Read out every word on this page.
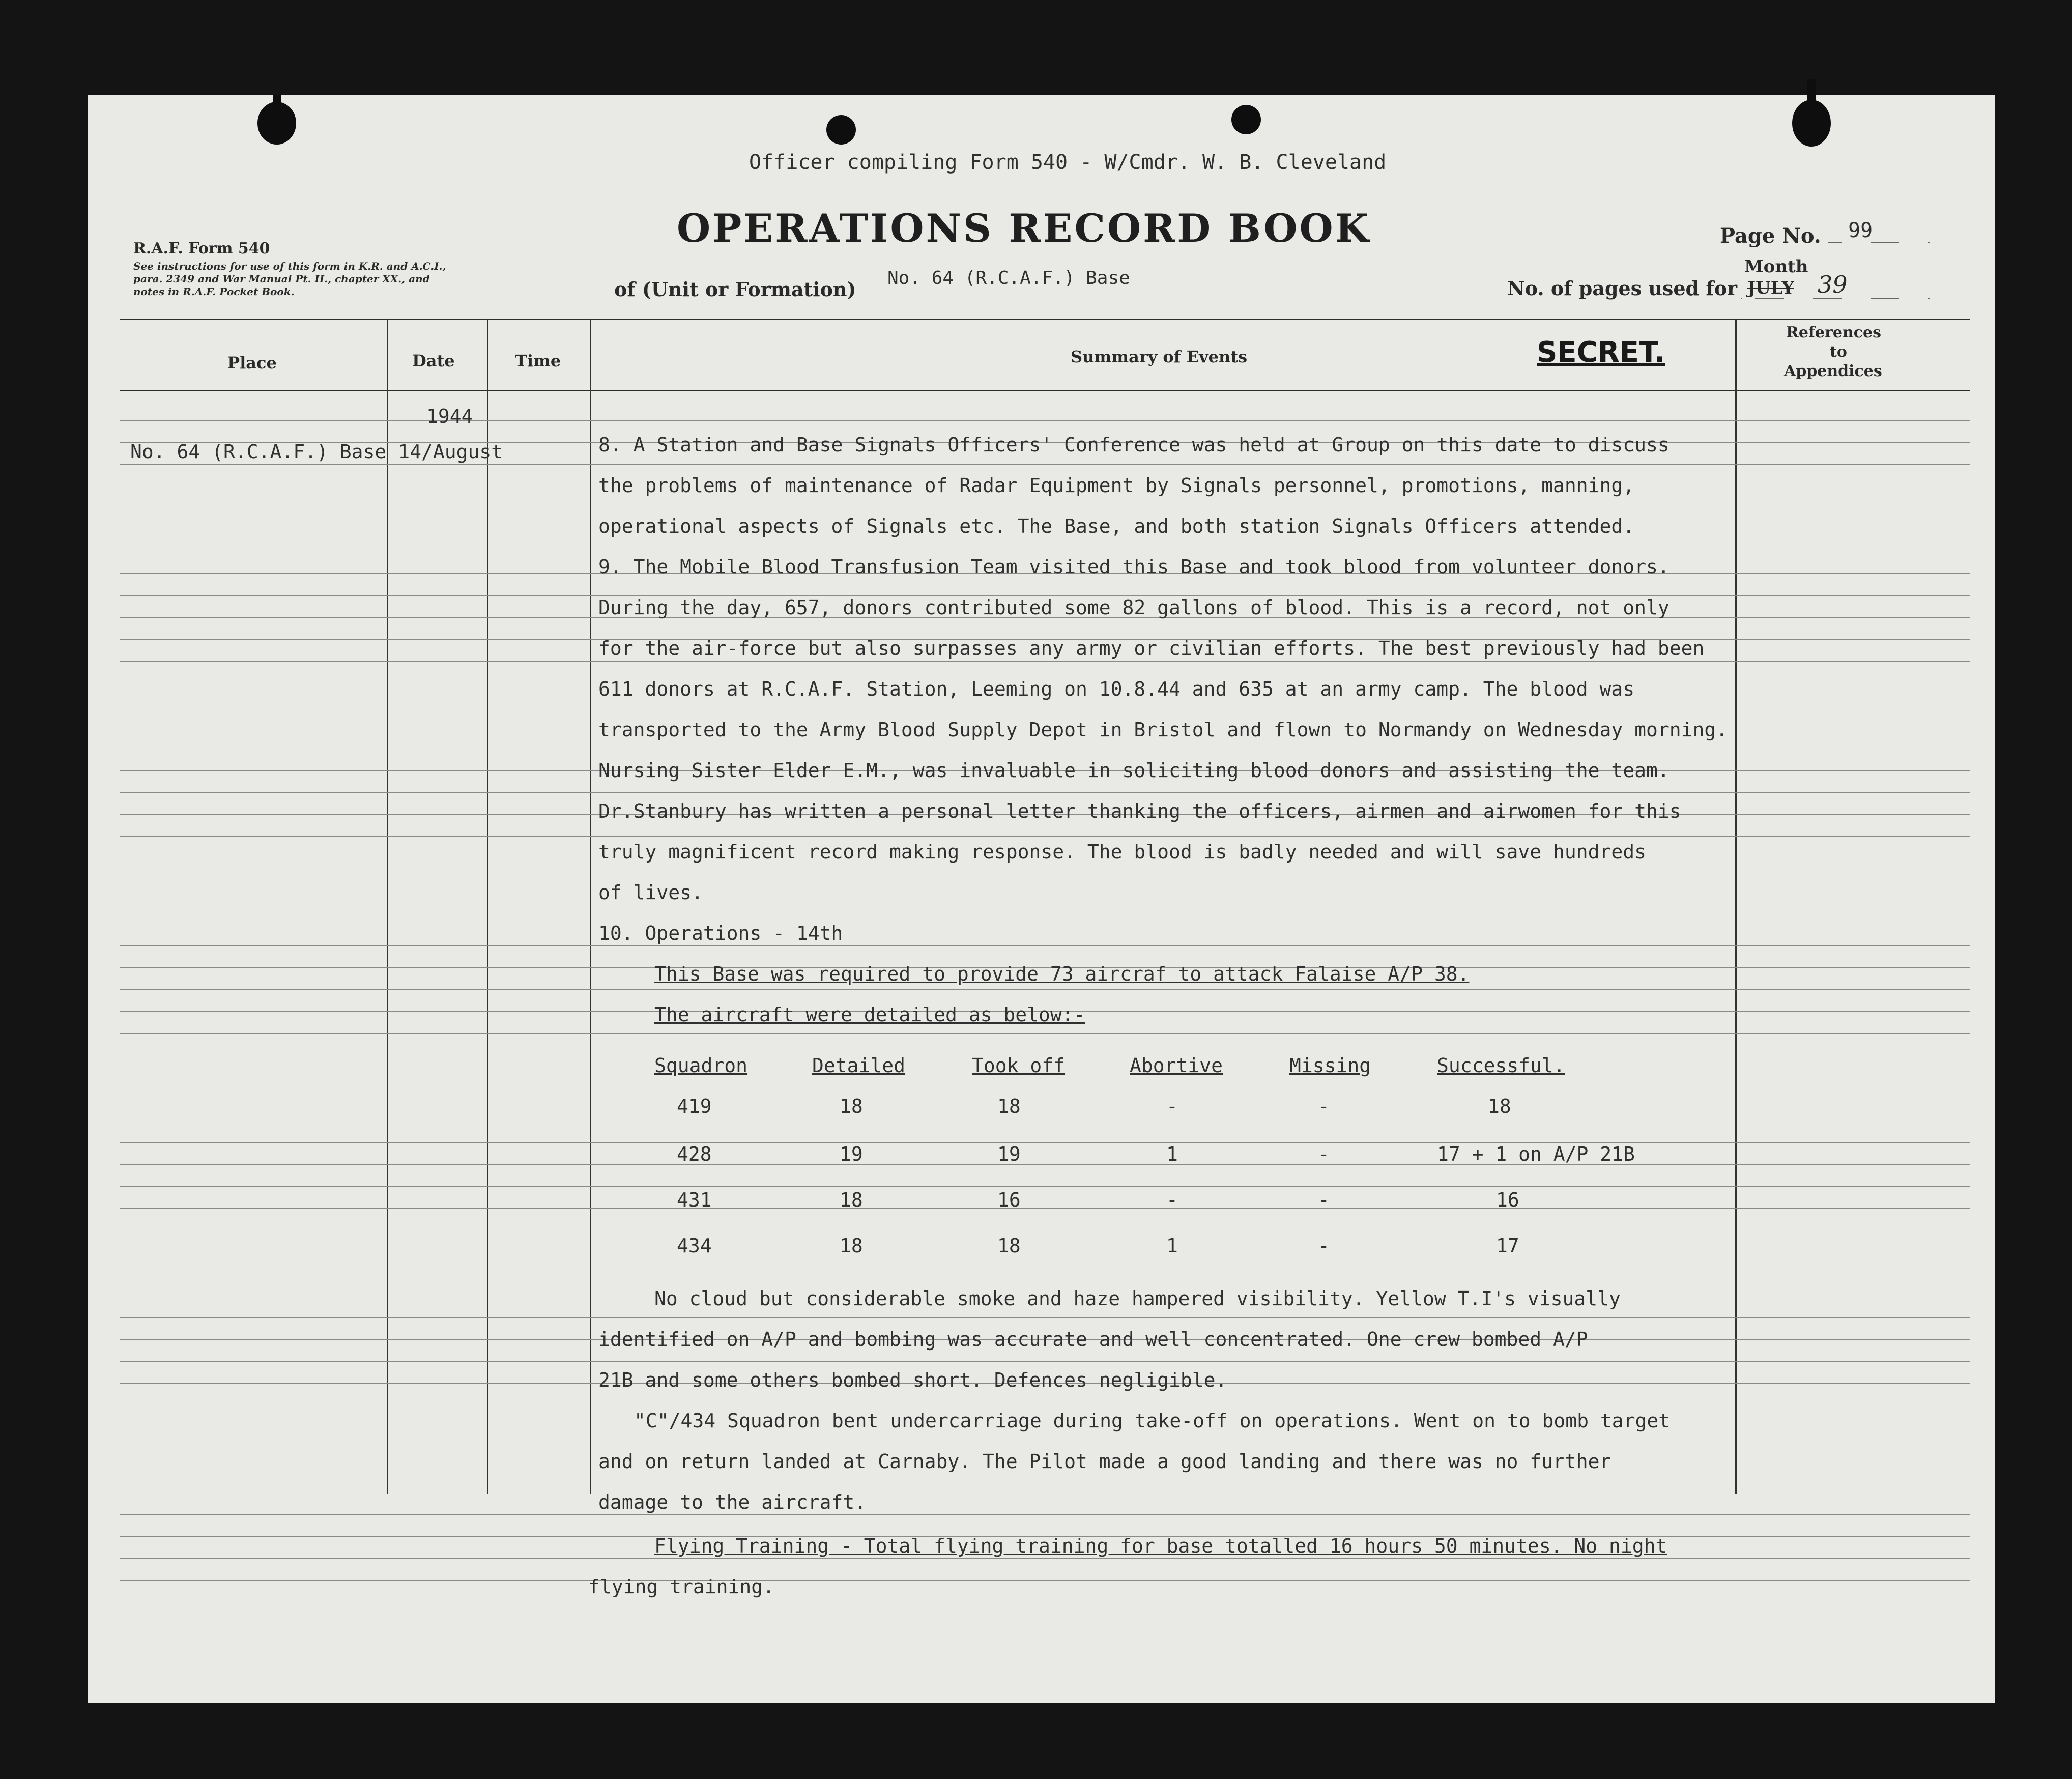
Officer compiling Form 540 - W/Cmdr. W. B. Cleveland
OPERATIONS RECORD BOOK
R.A.F. Form 540
See instructions for use of this form in K.R. and A.C.I.,
para. 2349 and War Manual Pt. II., chapter XX., and
notes in R.A.F. Pocket Book.	of (Unit or Formation) No. 64 (R.C.A.F.) Base
Page No. 99
No. of pages used for
Month
JULY 39
Place	Date	Time	Summary of Events	SECRET.
References
to
Appendices
1944
No. 64 (R.C.A.F.) Base 14/August	8. A Station and Base Signals Officers' Conference was held at Group on this date to discuss
the problems of maintenance of Radar Equipment by Signals personnel, promotions, manning,
operational aspects of Signals etc. The Base, and both station Signals Officers attended.
9. The Mobile Blood Transfusion Team visited this Base and took blood from volunteer donors.
During the day, 657, donors contributed some 82 gallons of blood. This is a record, not only
for the air-force but also surpasses any army or civilian efforts. The best previously had been
611 donors at R.C.A.F. Station, Leeming on 10.8.44 and 635 at an army camp. The blood was
transported to the Army Blood Supply Depot in Bristol and flown to Normandy on Wednesday morning.
Nursing Sister Elder E.M., was invaluable in soliciting blood donors and assisting the team.
Dr.Stanbury has written a personal letter thanking the officers, airmen and airwomen for this
truly magnificent record making response. The blood is badly needed and will save hundreds
of lives.
10. Operations - 14th
This Base was required to provide 73 aircraf to attack Falaise A/P 38.
The aircraft were detailed as below:-
Squadron	Detailed	Took off	Abortive	Missing	Successful.
419	18	18	-	-	18
428	19	19	1	-	17 + 1 on A/P 21B
431	18	16	-	-	16
434	18	18	1	-	17
No cloud but considerable smoke and haze hampered visibility. Yellow T.I's visually
identified on A/P and bombing was accurate and well concentrated. One crew bombed A/P
21B and some others bombed short. Defences negligible.
"C"/434 Squadron bent undercarriage during take-off on operations. Went on to bomb target
and on return landed at Carnaby. The Pilot made a good landing and there was no further
damage to the aircraft.
Flying Training - Total flying training for base totalled 16 hours 50 minutes. No night
flying training.
